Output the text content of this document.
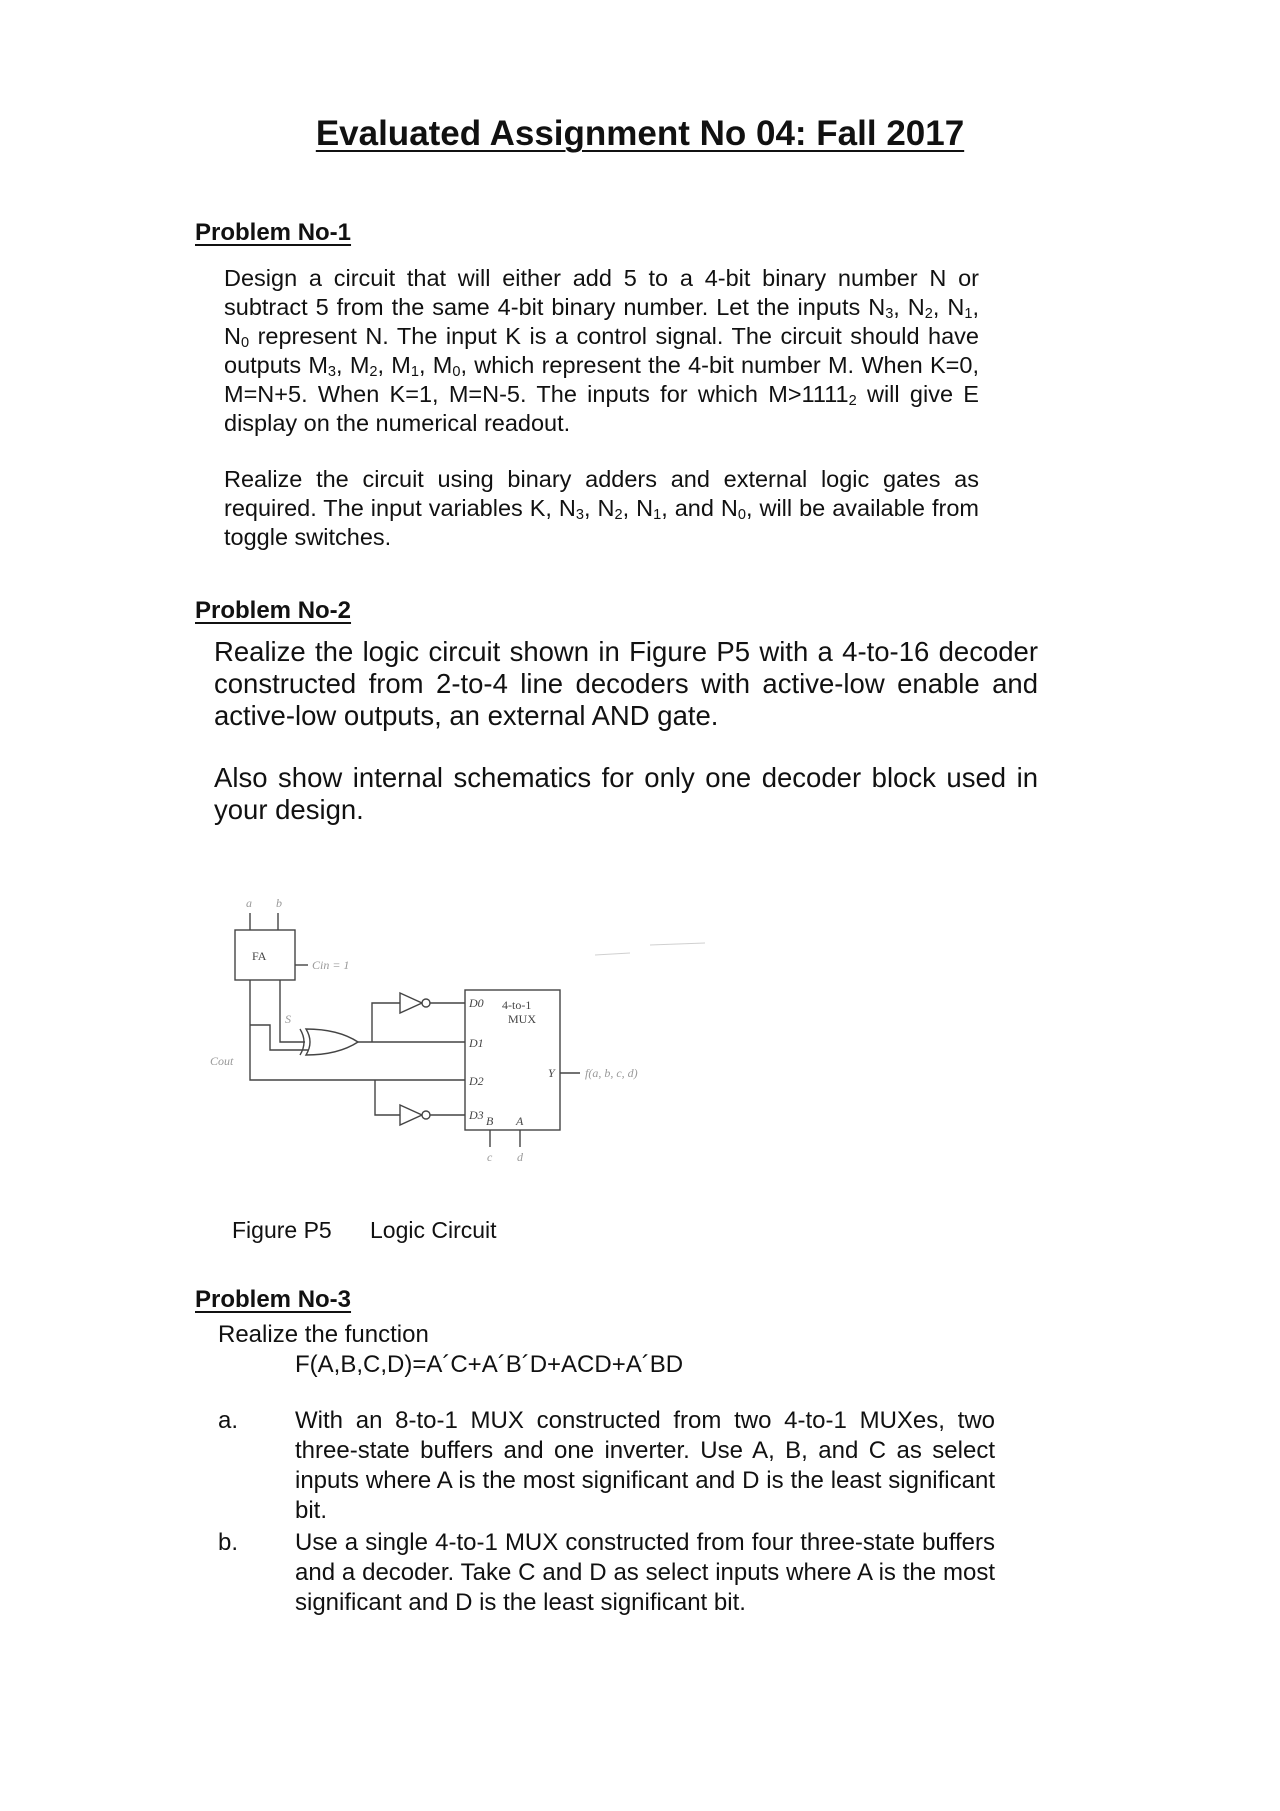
Evaluated Assignment No 04: Fall 2017
Problem No-1

Design a circuit that will either add 5 to a 4-bit binary number N or subtract 5 from the same 4-bit binary number. Let the inputs $N_3$, $N_2$, $N_1$, $N_0$ represent N. The input K is a control signal. The circuit should have outputs $M_3$, $M_2$, $M_1$, $M_0$, which represent the 4-bit number M. When K=0, M=N+5. When K=1, M=N-5. The inputs for which $M>1111_2$ will give E display on the numerical readout.

Realize the circuit using binary adders and external logic gates as required. The input variables K, $N_3$, $N_2$, $N_1$, and $N_0$, will be available from toggle switches.

Problem No-2

Realize the logic circuit shown in Figure P5 with a 4-to-16 decoder constructed from 2-to-4 line decoders with active-low enable and active-low outputs, an external AND gate.

Also show internal schematics for only one decoder block used in your design.

a b
FA
Cin = 1
S
Cout
D0
D1
D2
D3
4-to-1
MUX
Y	f(a, b, c, d)
B A
c d
Figure P5 Logic Circuit
Problem No-3

Realize the function

F(A,B,C,D)=A´C+A´B´D+ACD+A´BD

a. With an 8-to-1 MUX constructed from two 4-to-1 MUXes, two three-state buffers and one inverter. Use A, B, and C as select inputs where A is the most significant and D is the least significant bit.

b. Use a single 4-to-1 MUX constructed from four three-state buffers and a decoder. Take C and D as select inputs where A is the most significant and D is the least significant bit.
